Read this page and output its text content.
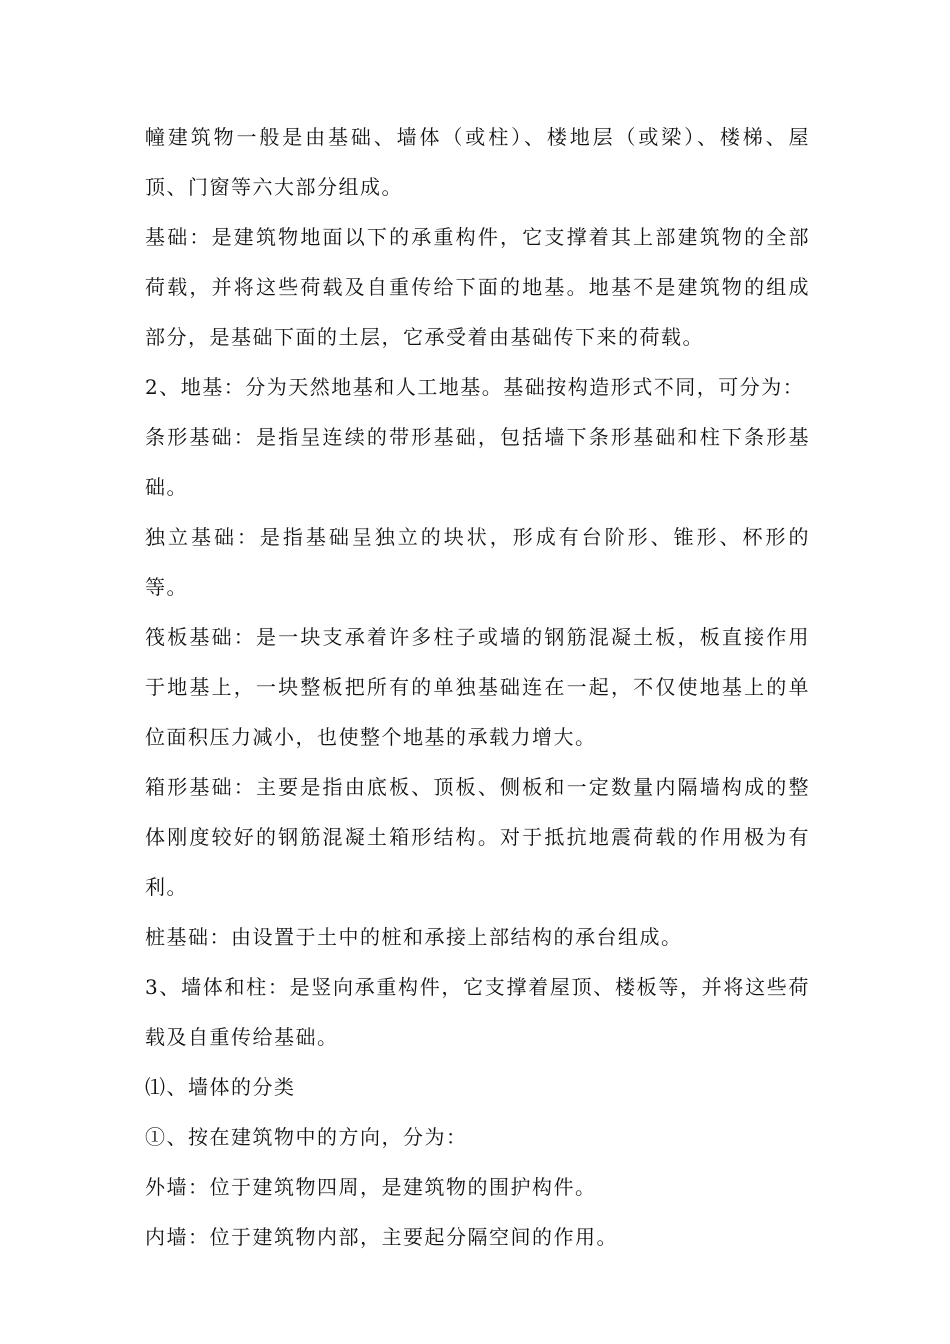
幢建筑物一般是由基础、墙体（或柱）、楼地层（或梁）、楼梯、屋顶、门窗等六大部分组成。

基础：是建筑物地面以下的承重构件，它支撑着其上部建筑物的全部荷载，并将这些荷载及自重传给下面的地基。地基不是建筑物的组成部分，是基础下面的土层，它承受着由基础传下来的荷载。

2、地基：分为天然地基和人工地基。基础按构造形式不同，可分为：

条形基础：是指呈连续的带形基础，包括墙下条形基础和柱下条形基础。

独立基础：是指基础呈独立的块状，形成有台阶形、锥形、杯形的等。

筏板基础：是一块支承着许多柱子或墙的钢筋混凝土板，板直接作用于地基上，一块整板把所有的单独基础连在一起，不仅使地基上的单位面积压力减小，也使整个地基的承载力增大。

箱形基础：主要是指由底板、顶板、侧板和一定数量内隔墙构成的整体刚度较好的钢筋混凝土箱形结构。对于抵抗地震荷载的作用极为有利。

桩基础：由设置于土中的桩和承接上部结构的承台组成。

3、墙体和柱：是竖向承重构件，它支撑着屋顶、楼板等，并将这些荷载及自重传给基础。

⑴、墙体的分类

①、按在建筑物中的方向，分为：

外墙：位于建筑物四周，是建筑物的围护构件。

内墙：位于建筑物内部，主要起分隔空间的作用。
